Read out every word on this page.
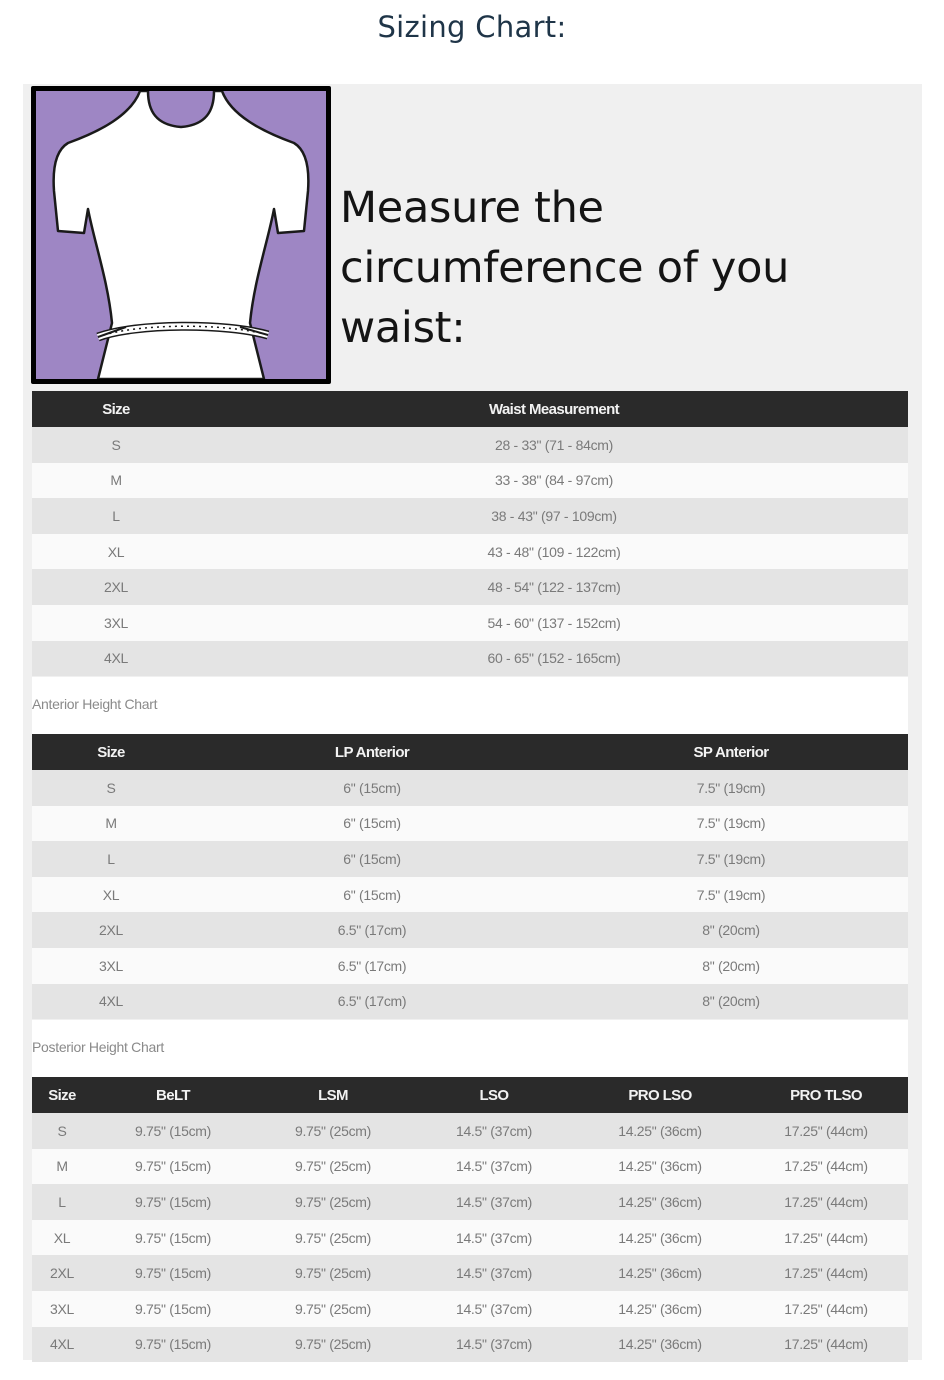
Sizing Chart:
Measure the circumference of you waist:
Size	Waist Measurement
S	28 - 33" (71 - 84cm)
M	33 - 38" (84 - 97cm)
L	38 - 43" (97 - 109cm)
XL	43 - 48" (109 - 122cm)
2XL	48 - 54" (122 - 137cm)
3XL	54 - 60" (137 - 152cm)
4XL	60 - 65" (152 - 165cm)
Anterior Height Chart
Size	LP Anterior	SP Anterior
S	6" (15cm)	7.5" (19cm)
M	6" (15cm)	7.5" (19cm)
L	6" (15cm)	7.5" (19cm)
XL	6" (15cm)	7.5" (19cm)
2XL	6.5" (17cm)	8" (20cm)
3XL	6.5" (17cm)	8" (20cm)
4XL	6.5" (17cm)	8" (20cm)
Posterior Height Chart
Size	BeLT	LSM	LSO	PRO LSO	PRO TLSO
S	9.75" (15cm)	9.75" (25cm)	14.5" (37cm)	14.25" (36cm)	17.25" (44cm)
M	9.75" (15cm)	9.75" (25cm)	14.5" (37cm)	14.25" (36cm)	17.25" (44cm)
L	9.75" (15cm)	9.75" (25cm)	14.5" (37cm)	14.25" (36cm)	17.25" (44cm)
XL	9.75" (15cm)	9.75" (25cm)	14.5" (37cm)	14.25" (36cm)	17.25" (44cm)
2XL	9.75" (15cm)	9.75" (25cm)	14.5" (37cm)	14.25" (36cm)	17.25" (44cm)
3XL	9.75" (15cm)	9.75" (25cm)	14.5" (37cm)	14.25" (36cm)	17.25" (44cm)
4XL	9.75" (15cm)	9.75" (25cm)	14.5" (37cm)	14.25" (36cm)	17.25" (44cm)
